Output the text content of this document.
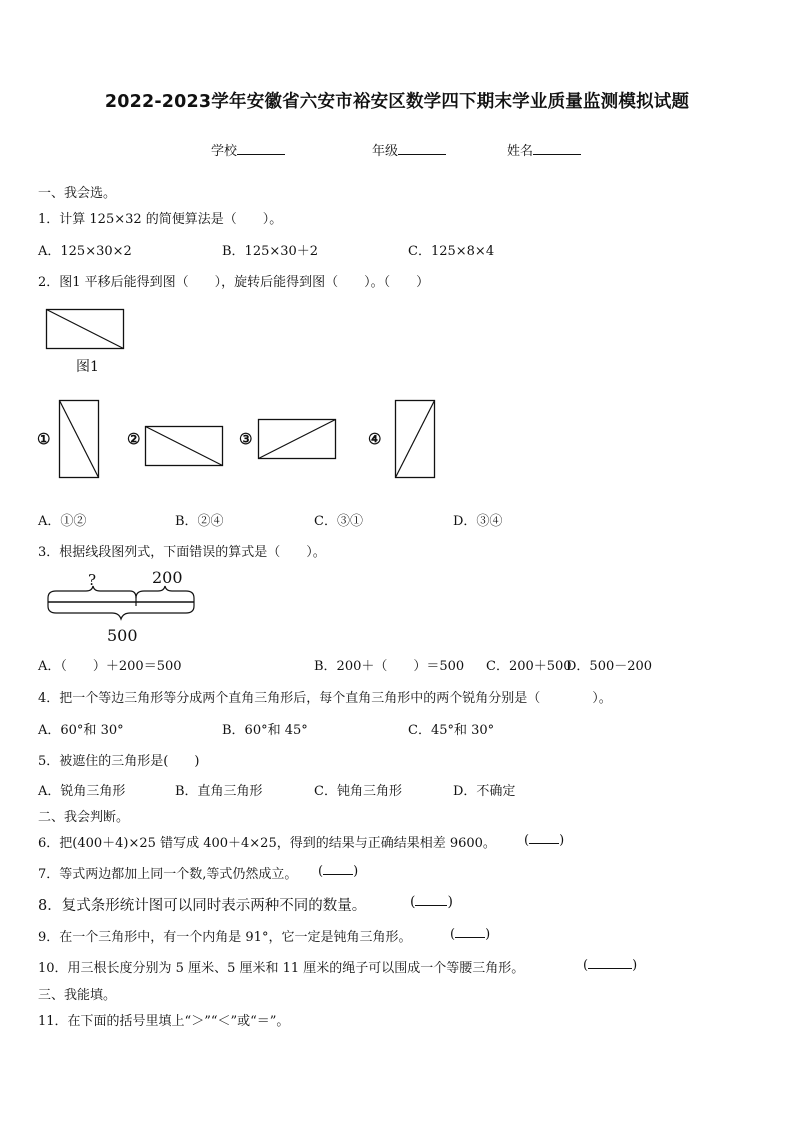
2022-2023学年安徽省六安市裕安区数学四下期末学业质量监测模拟试题
学校	年级	姓名
一、我会选。
1．计算 125×32 的简便算法是（　　）。
A．125×30×2	B．125×30＋2	C．125×8×4
2．图1 平移后能得到图（　　），旋转后能得到图（　　）。（　　）
图1
①	②	③	④
A．①②	B．②④	C．③①	D．③④
3．根据线段图列式，下面错误的算式是（　　）。
?	200
500
A．（　　）＋200＝500	B．200＋（　　）＝500 C．200＋500
D．500－200
4．把一个等边三角形等分成两个直角三角形后，每个直角三角形中的两个锐角分别是（　　　　）。
A．60°和 30°	B．60°和 45°	C．45°和 30°
5．被遮住的三角形是(　　)
A．锐角三角形	B．直角三角形	C．钝角三角形	D．不确定
二、我会判断。
6．把(400＋4)×25 错写成 400＋4×25，得到的结果与正确结果相差 9600。 ( )
7．等式两边都加上同一个数,等式仍然成立。 ( )
8．复式条形统计图可以同时表示两种不同的数量。	( )
9．在一个三角形中，有一个内角是 91°，它一定是钝角三角形。	( )
10．用三根长度分别为 5 厘米、5 厘米和 11 厘米的绳子可以围成一个等腰三角形。	(	)
三、我能填。
11．在下面的括号里填上“＞”“＜”或“＝”。
